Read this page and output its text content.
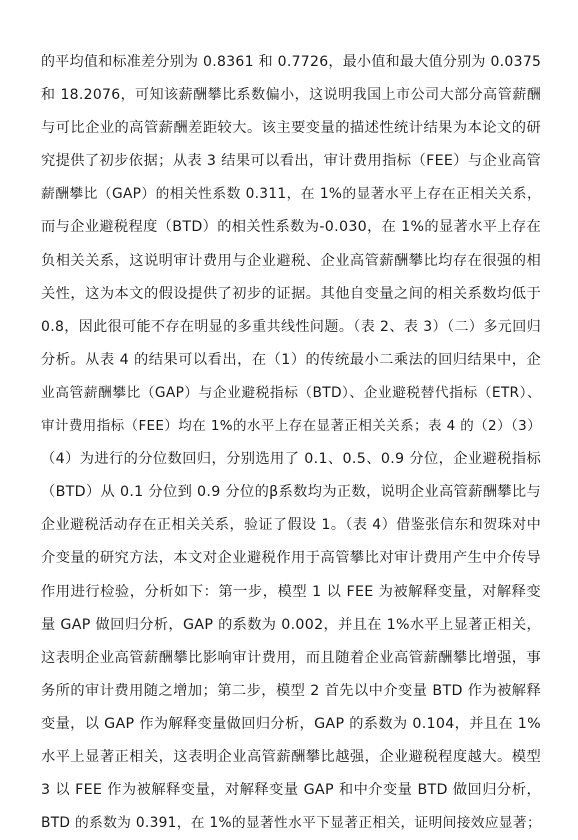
的平均值和标准差分别为 0.8361 和 0.7726，最小值和最大值分别为 0.0375
和 18.2076，可知该薪酬攀比系数偏小，这说明我国上市公司大部分高管薪酬
与可比企业的高管薪酬差距较大。该主要变量的描述性统计结果为本论文的研
究提供了初步依据；从表 3 结果可以看出，审计费用指标（FEE）与企业高管
薪酬攀比（GAP）的相关性系数 0.311，在 1%的显著水平上存在正相关关系，
而与企业避税程度（BTD）的相关性系数为-0.030，在 1%的显著水平上存在
负相关关系，这说明审计费用与企业避税、企业高管薪酬攀比均存在很强的相
关性，这为本文的假设提供了初步的证据。其他自变量之间的相关系数均低于
0.8，因此很可能不存在明显的多重共线性问题。（表 2、表 3）（二）多元回归
分析。从表 4 的结果可以看出，在（1）的传统最小二乘法的回归结果中，企
业高管薪酬攀比（GAP）与企业避税指标（BTD）、企业避税替代指标（ETR）、
审计费用指标（FEE）均在 1%的水平上存在显著正相关关系；表 4 的（2）（3）
（4）为进行的分位数回归，分别选用了 0.1、0.5、0.9 分位，企业避税指标
（BTD）从 0.1 分位到 0.9 分位的β系数均为正数，说明企业高管薪酬攀比与
企业避税活动存在正相关关系，验证了假设 1。（表 4）借鉴张信东和贺珠对中
介变量的研究方法，本文对企业避税作用于高管攀比对审计费用产生中介传导
作用进行检验，分析如下：第一步，模型 1 以 FEE 为被解释变量，对解释变
量 GAP 做回归分析，GAP 的系数为 0.002，并且在 1%水平上显著正相关，
这表明企业高管薪酬攀比影响审计费用，而且随着企业高管薪酬攀比增强，事
务所的审计费用随之增加；第二步，模型 2 首先以中介变量 BTD 作为被解释
变量，以 GAP 作为解释变量做回归分析，GAP 的系数为 0.104，并且在 1%
水平上显著正相关，这表明企业高管薪酬攀比越强，企业避税程度越大。模型
3 以 FEE 作为被解释变量，对解释变量 GAP 和中介变量 BTD 做回归分析，
BTD 的系数为 0.391，在 1%的显著性水平下显著正相关，证明间接效应显著；
